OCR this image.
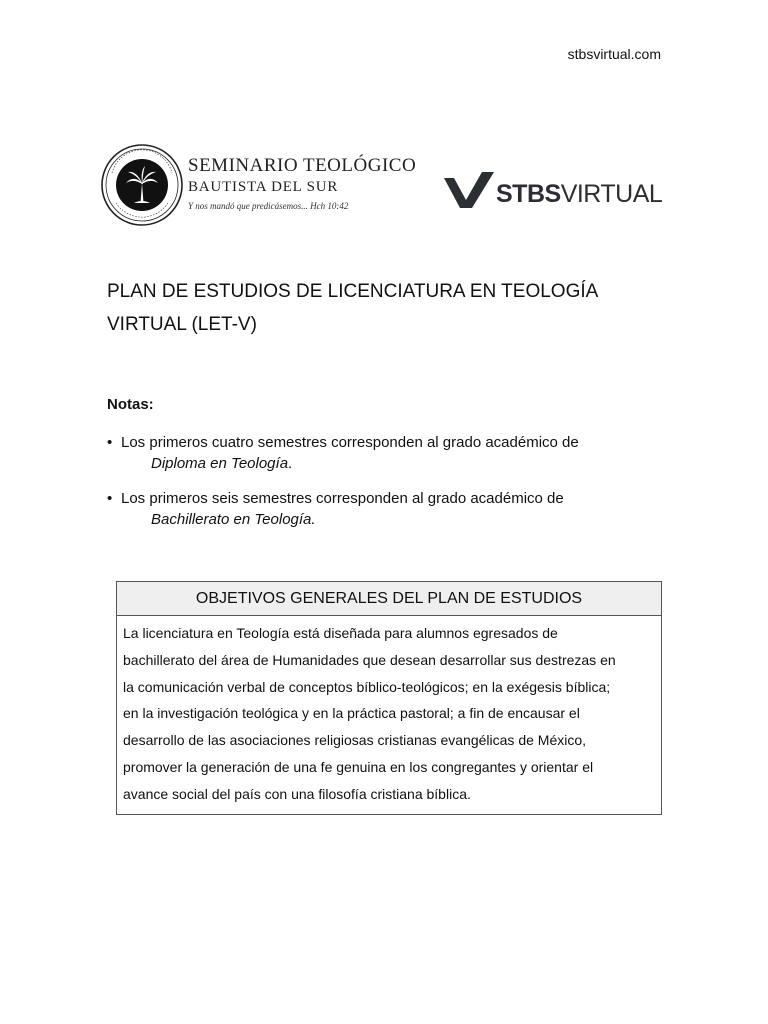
stbsvirtual.com
SEMINARIO TEOLÓGICO
BAUTISTA DEL SUR
Y nos mandó que predicásemos... Hch 10:42	STBSVIRTUAL
PLAN DE ESTUDIOS DE LICENCIATURA EN TEOLOGÍA
VIRTUAL (LET-V)
Notas:
• Los primeros cuatro semestres corresponden al grado académico de
Diploma en Teología.
• Los primeros seis semestres corresponden al grado académico de
Bachillerato en Teología.
OBJETIVOS GENERALES DEL PLAN DE ESTUDIOS
La licenciatura en Teología está diseñada para alumnos egresados de
bachillerato del área de Humanidades que desean desarrollar sus destrezas en
la comunicación verbal de conceptos bíblico-teológicos; en la exégesis bíblica;
en la investigación teológica y en la práctica pastoral; a fin de encausar el
desarrollo de las asociaciones religiosas cristianas evangélicas de México,
promover la generación de una fe genuina en los congregantes y orientar el
avance social del país con una filosofía cristiana bíblica.
